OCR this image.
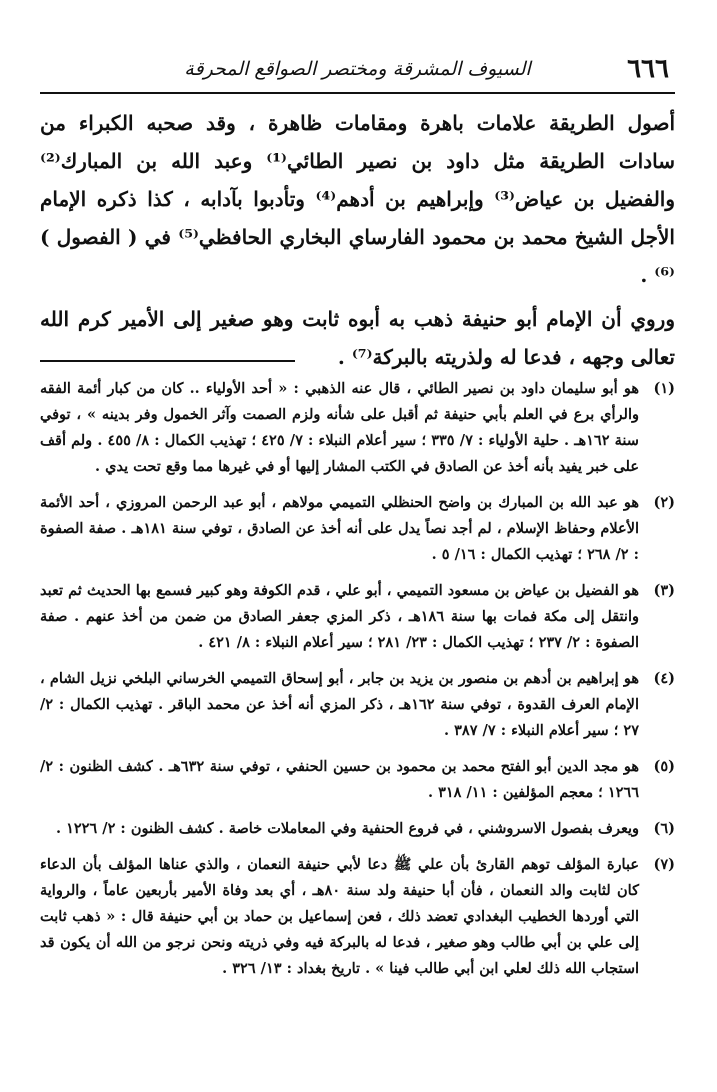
٦٦٦
السيوف المشرقة ومختصر الصواقع المحرقة

أصول الطريقة علامات باهرة ومقامات ظاهرة ، وقد صحبه الكبراء من سادات الطريقة مثل داود بن نصير الطائي⁽¹⁾ وعبد الله بن المبارك⁽²⁾ والفضيل بن عياض⁽³⁾ وإبراهيم بن أدهم⁽⁴⁾ وتأدبوا بآدابه ، كذا ذكره الإمام الأجل الشيخ محمد بن محمود الفارساي البخاري الحافظي⁽⁵⁾ في ( الفصول )⁽⁶⁾ .

وروي أن الإمام أبو حنيفة ذهب به أبوه ثابت وهو صغير إلى الأمير كرم الله تعالى وجهه ، فدعا له ولذريته بالبركة⁽⁷⁾ .

(١)
هو أبو سليمان داود بن نصير الطائي ، قال عنه الذهبي : « أحد الأولياء .. كان من كبار أئمة الفقه والرأي برع في العلم بأبي حنيفة ثم أقبل على شأنه ولزم الصمت وآثر الخمول وفر بدينه » ، توفي سنة ١٦٢هـ . حلية الأولياء : ٧/ ٣٣٥ ؛ سير أعلام النبلاء : ٧/ ٤٢٥ ؛ تهذيب الكمال : ٨/ ٤٥٥ . ولم أقف على خبر يفيد بأنه أخذ عن الصادق في الكتب المشار إليها أو في غيرها مما وقع تحت يدي .
(٢)
هو عبد الله بن المبارك بن واضح الحنظلي التميمي مولاهم ، أبو عبد الرحمن المروزي ، أحد الأئمة الأعلام وحفاظ الإسلام ، لم أجد نصاً يدل على أنه أخذ عن الصادق ، توفي سنة ١٨١هـ . صفة الصفوة : ٢/ ٢٦٨ ؛ تهذيب الكمال : ١٦/ ٥ .
(٣)
هو الفضيل بن عياض بن مسعود التميمي ، أبو علي ، قدم الكوفة وهو كبير فسمع بها الحديث ثم تعبد وانتقل إلى مكة فمات بها سنة ١٨٦هـ ، ذكر المزي جعفر الصادق من ضمن من أخذ عنهم . صفة الصفوة : ٢/ ٢٣٧ ؛ تهذيب الكمال : ٢٣/ ٢٨١ ؛ سير أعلام النبلاء : ٨/ ٤٢١ .
(٤)
هو إبراهيم بن أدهم بن منصور بن يزيد بن جابر ، أبو إسحاق التميمي الخرساني البلخي نزيل الشام ، الإمام العرف القدوة ، توفي سنة ١٦٢هـ ، ذكر المزي أنه أخذ عن محمد الباقر . تهذيب الكمال : ٢/ ٢٧ ؛ سير أعلام النبلاء : ٧/ ٣٨٧ .
(٥)
هو مجد الدين أبو الفتح محمد بن محمود بن حسين الحنفي ، توفي سنة ٦٣٢هـ . كشف الظنون : ٢/ ١٢٦٦ ؛ معجم المؤلفين : ١١/ ٣١٨ .
(٦)
ويعرف بفصول الاسروشني ، في فروع الحنفية وفي المعاملات خاصة . كشف الظنون : ٢/ ١٢٢٦ .
(٧)
عبارة المؤلف توهم القارئ بأن علي ﷺ دعا لأبي حنيفة النعمان ، والذي عناها المؤلف بأن الدعاء كان لثابت والد النعمان ، فأن أبا حنيفة ولد سنة ٨٠هـ ، أي بعد وفاة الأمير بأربعين عاماً ، والرواية التي أوردها الخطيب البغدادي تعضد ذلك ، فعن إسماعيل بن حماد بن أبي حنيفة قال : « ذهب ثابت إلى علي بن أبي طالب وهو صغير ، فدعا له بالبركة فيه وفي ذريته ونحن نرجو من الله أن يكون قد استجاب الله ذلك لعلي ابن أبي طالب فينا » . تاريخ بغداد : ١٣/ ٣٢٦ .
